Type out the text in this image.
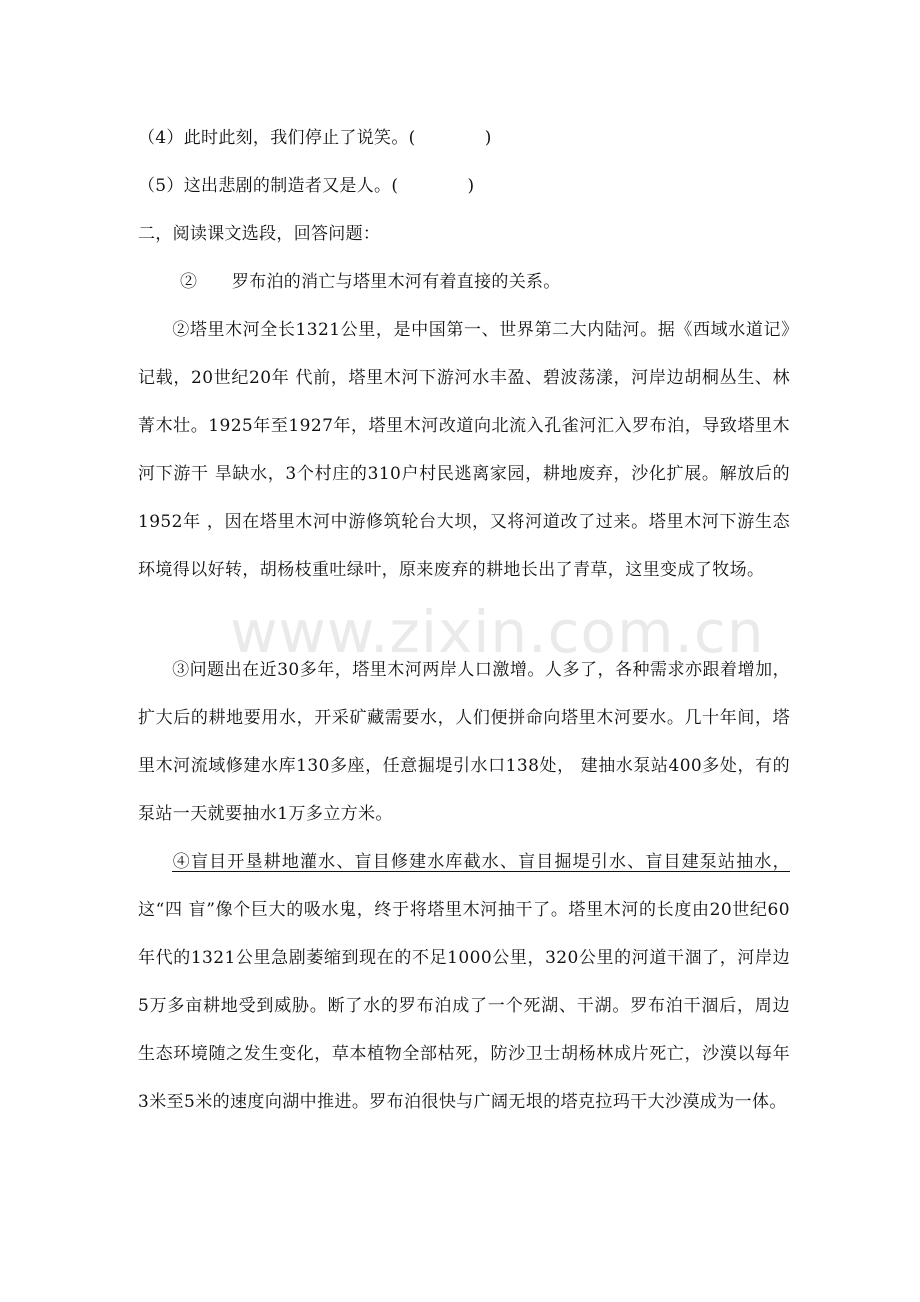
（4）此时此刻，我们停止了说笑。(　　　　)
（5）这出悲剧的制造者又是人。(　　　　)
二，阅读课文选段，回答问题：
②　　罗布泊的消亡与塔里木河有着直接的关系。
②塔里木河全长1321公里，是中国第一、世界第二大内陆河。据《西域水道记》记载，20世纪20年 代前，塔里木河下游河水丰盈、碧波荡漾，河岸边胡桐丛生、林菁木壮。1925年至1927年，塔里木河改道向北流入孔雀河汇入罗布泊，导致塔里木河下游干 旱缺水，3个村庄的310户村民逃离家园，耕地废弃，沙化扩展。解放后的1952年 ，因在塔里木河中游修筑轮台大坝，又将河道改了过来。塔里木河下游生态环境得以好转，胡杨枝重吐绿叶，原来废弃的耕地长出了青草，这里变成了牧场。
③问题出在近30多年，塔里木河两岸人口激增。人多了，各种需求亦跟着增加，扩大后的耕地要用水，开采矿藏需要水，人们便拼命向塔里木河要水。几十年间，塔里木河流域修建水库130多座，任意掘堤引水口138处， 建抽水泵站400多处，有的泵站一天就要抽水1万多立方米。
④盲目开垦耕地灌水、盲目修建水库截水、盲目掘堤引水、盲目建泵站抽水，这“四 盲”像个巨大的吸水鬼，终于将塔里木河抽干了。塔里木河的长度由20世纪60年代的1321公里急剧萎缩到现在的不足1000公里，320公里的河道干涸了，河岸边5万多亩耕地受到威胁。断了水的罗布泊成了一个死湖、干湖。罗布泊干涸后，周边生态环境随之发生变化，草本植物全部枯死，防沙卫士胡杨林成片死亡，沙漠以每年3米至5米的速度向湖中推进。罗布泊很快与广阔无垠的塔克拉玛干大沙漠成为一体。
www.zixin.com.cn
